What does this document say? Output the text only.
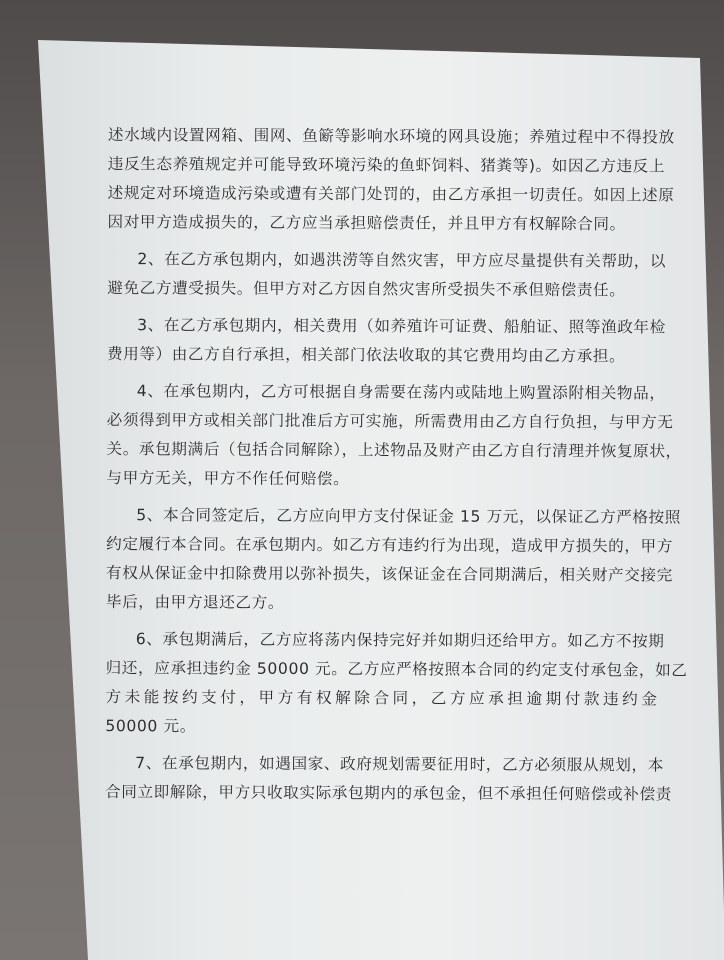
述水域内设置网箱、围网、鱼簖等影响水环境的网具设施；养殖过程中不得投放
违反生态养殖规定并可能导致环境污染的鱼虾饲料、猪粪等)。如因乙方违反上
述规定对环境造成污染或遭有关部门处罚的，由乙方承担一切责任。如因上述原
因对甲方造成损失的，乙方应当承担赔偿责任，并且甲方有权解除合同。
2、在乙方承包期内，如遇洪涝等自然灾害，甲方应尽量提供有关帮助，以
避免乙方遭受损失。但甲方对乙方因自然灾害所受损失不承但赔偿责任。
3、在乙方承包期内，相关费用（如养殖许可证费、船舶证、照等渔政年检
费用等）由乙方自行承担，相关部门依法收取的其它费用均由乙方承担。
4、在承包期内，乙方可根据自身需要在荡内或陆地上购置添附相关物品，
必须得到甲方或相关部门批准后方可实施，所需费用由乙方自行负担，与甲方无
关。承包期满后（包括合同解除），上述物品及财产由乙方自行清理并恢复原状，
与甲方无关，甲方不作任何赔偿。
5、本合同签定后，乙方应向甲方支付保证金 15 万元，以保证乙方严格按照
约定履行本合同。在承包期内。如乙方有违约行为出现，造成甲方损失的，甲方
有权从保证金中扣除费用以弥补损失，该保证金在合同期满后，相关财产交接完
毕后，由甲方退还乙方。
6、承包期满后，乙方应将荡内保持完好并如期归还给甲方。如乙方不按期
归还，应承担违约金 50000 元。乙方应严格按照本合同的约定支付承包金，如乙
方未能按约支付，甲方有权解除合同，乙方应承担逾期付款违约金
50000 元。
7、在承包期内，如遇国家、政府规划需要征用时，乙方必须服从规划，本
合同立即解除，甲方只收取实际承包期内的承包金，但不承担任何赔偿或补偿责
